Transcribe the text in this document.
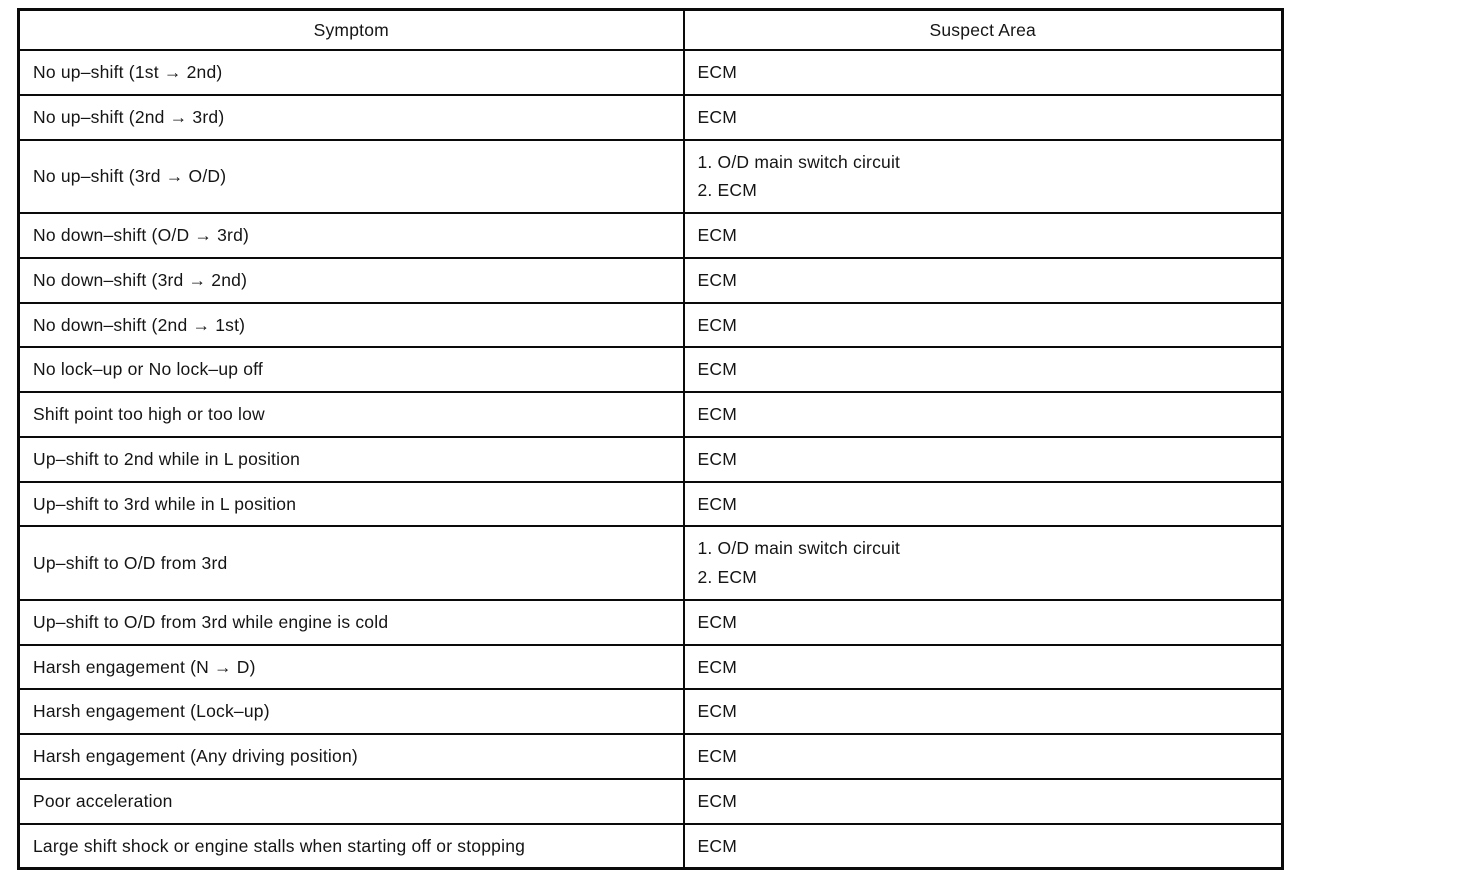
Symptom	Suspect Area
No up–shift (1st → 2nd)	ECM

No up–shift (2nd → 3rd)	ECM

No up–shift (3rd → O/D)	1. O/D main switch circuit
2. ECM

No down–shift (O/D → 3rd)	ECM

No down–shift (3rd → 2nd)	ECM

No down–shift (2nd → 1st)	ECM

No lock–up or No lock–up off	ECM

Shift point too high or too low	ECM

Up–shift to 2nd while in L position	ECM

Up–shift to 3rd while in L position	ECM

Up–shift to O/D from 3rd	1. O/D main switch circuit
2. ECM

Up–shift to O/D from 3rd while engine is cold	ECM

Harsh engagement (N → D)	ECM

Harsh engagement (Lock–up)	ECM

Harsh engagement (Any driving position)	ECM

Poor acceleration	ECM

Large shift shock or engine stalls when starting off or stopping	ECM
